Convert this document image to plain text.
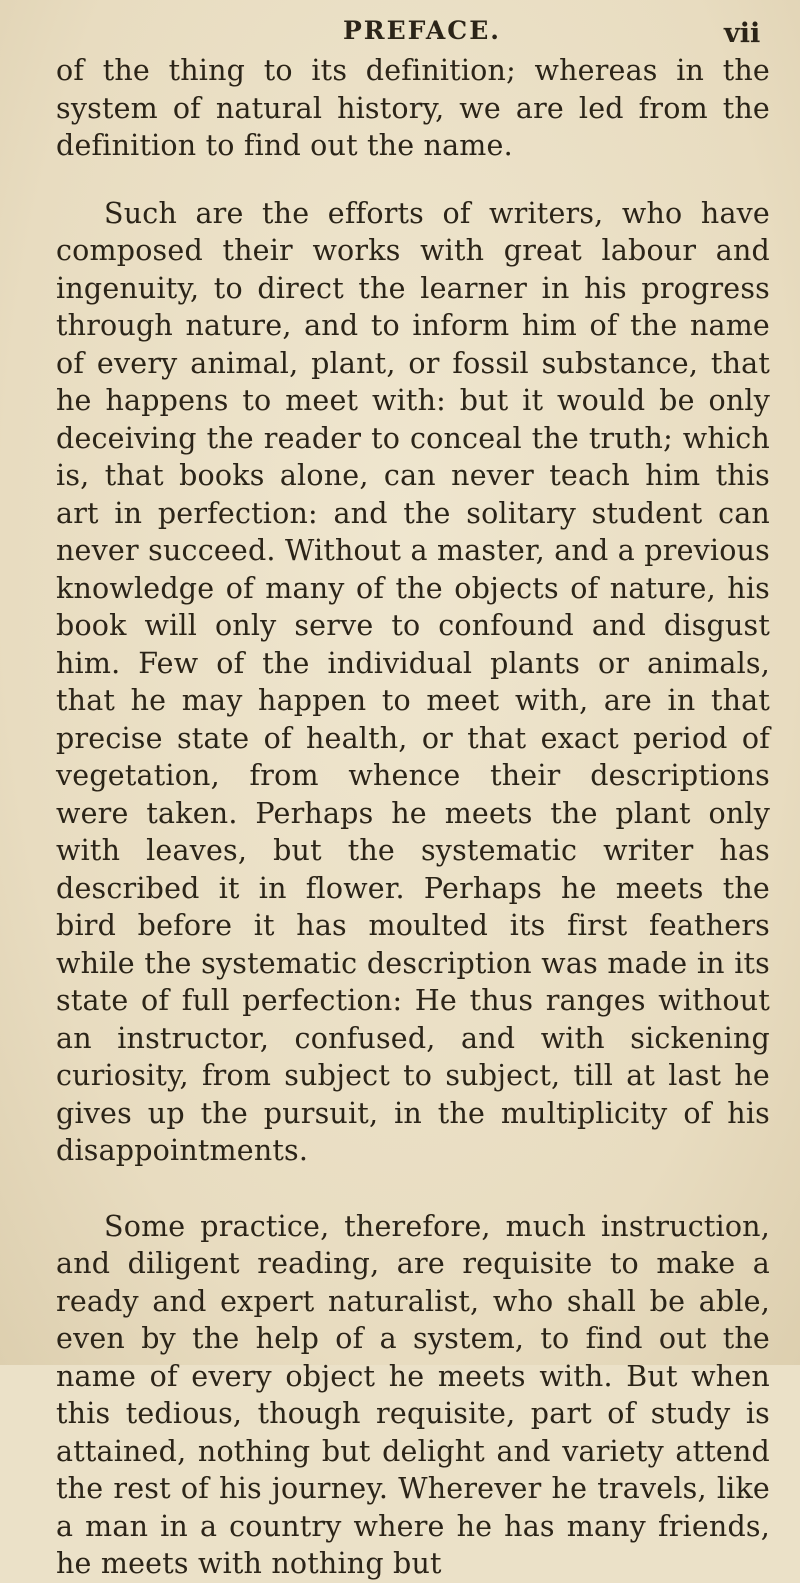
PREFACE.	vii

of the thing to its definition; whereas in the system of natural history, we are led from the definition to find out the name.

Such are the efforts of writers, who have composed their works with great labour and ingenuity, to direct the learner in his progress through nature, and to inform him of the name of every animal, plant, or fossil substance, that he happens to meet with: but it would be only deceiving the reader to conceal the truth; which is, that books alone, can never teach him this art in perfection: and the solitary student can never succeed. Without a master, and a previous knowledge of many of the objects of nature, his book will only serve to confound and disgust him. Few of the individual plants or animals, that he may happen to meet with, are in that precise state of health, or that exact period of vegetation, from whence their descriptions were taken. Perhaps he meets the plant only with leaves, but the systematic writer has described it in flower. Perhaps he meets the bird before it has moulted its first feathers while the systematic description was made in its state of full perfection: He thus ranges without an instructor, confused, and with sickening curiosity, from subject to subject, till at last he gives up the pursuit, in the multiplicity of his disappointments.

Some practice, therefore, much instruction, and diligent reading, are requisite to make a ready and expert naturalist, who shall be able, even by the help of a system, to find out the name of every object he meets with. But when this tedious, though requisite, part of study is attained, nothing but delight and variety attend the rest of his journey. Wherever he travels, like a man in a country where he has many friends, he meets with nothing but
